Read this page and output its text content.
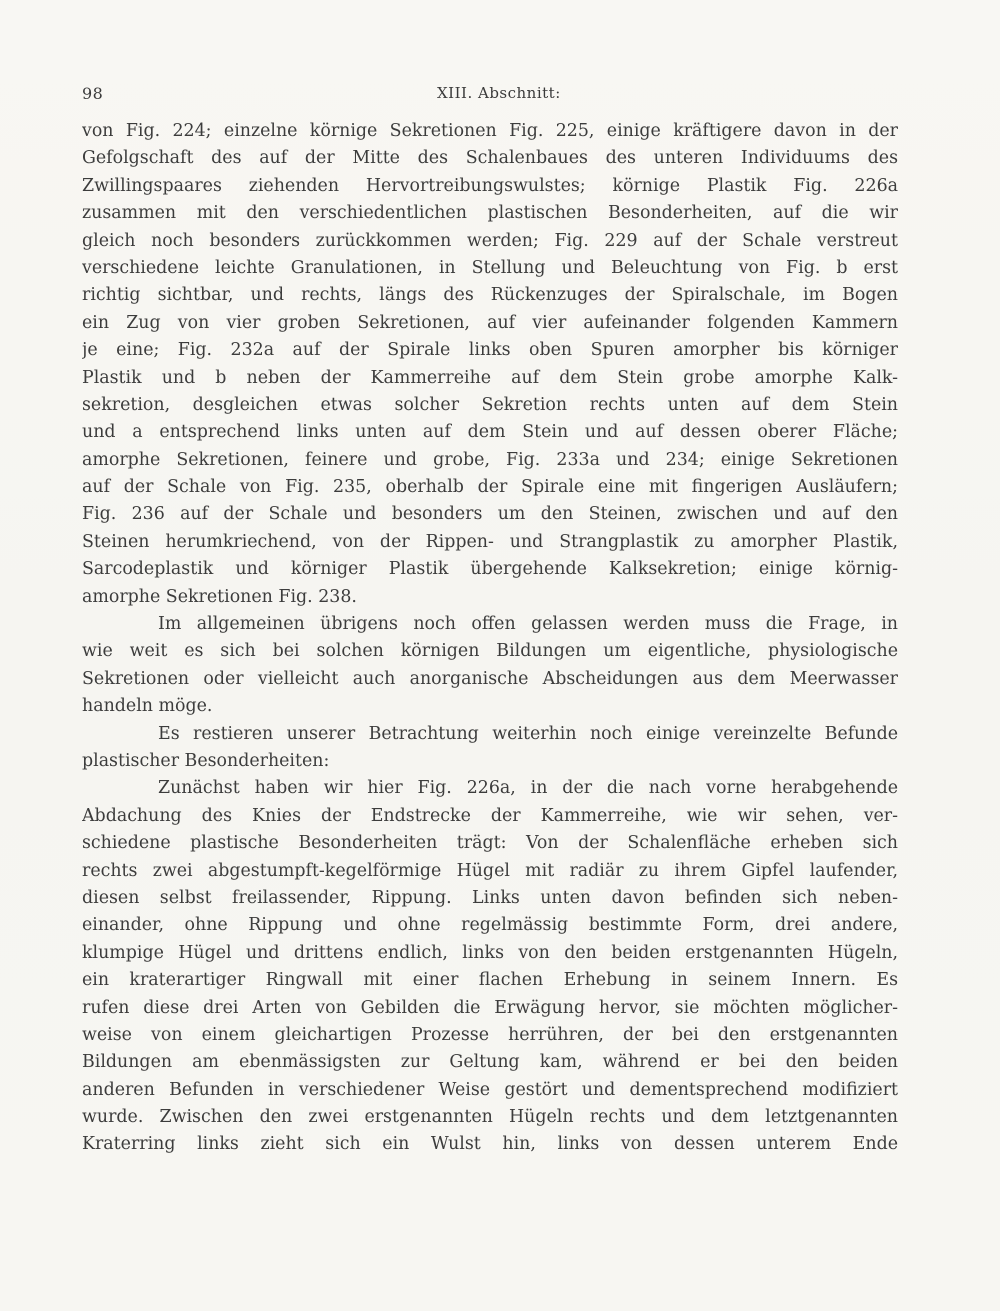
98	XIII. Abschnitt:
von Fig. 224; einzelne körnige Sekretionen Fig. 225, einige kräftigere davon in der
Gefolgschaft des auf der Mitte des Schalenbaues des unteren Individuums des
Zwillingspaares ziehenden Hervortreibungswulstes; körnige Plastik Fig. 226a
zusammen mit den verschiedentlichen plastischen Besonderheiten, auf die wir
gleich noch besonders zurückkommen werden; Fig. 229 auf der Schale verstreut
verschiedene leichte Granulationen, in Stellung und Beleuchtung von Fig. b erst
richtig sichtbar, und rechts, längs des Rückenzuges der Spiralschale, im Bogen
ein Zug von vier groben Sekretionen, auf vier aufeinander folgenden Kammern
je eine; Fig. 232a auf der Spirale links oben Spuren amorpher bis körniger
Plastik und b neben der Kammerreihe auf dem Stein grobe amorphe Kalk-
sekretion, desgleichen etwas solcher Sekretion rechts unten auf dem Stein
und a entsprechend links unten auf dem Stein und auf dessen oberer Fläche;
amorphe Sekretionen, feinere und grobe, Fig. 233a und 234; einige Sekretionen
auf der Schale von Fig. 235, oberhalb der Spirale eine mit fingerigen Ausläufern;
Fig. 236 auf der Schale und besonders um den Steinen, zwischen und auf den
Steinen herumkriechend, von der Rippen- und Strangplastik zu amorpher Plastik,
Sarcodeplastik und körniger Plastik übergehende Kalksekretion; einige körnig-
amorphe Sekretionen Fig. 238.
Im allgemeinen übrigens noch offen gelassen werden muss die Frage, in
wie weit es sich bei solchen körnigen Bildungen um eigentliche, physiologische
Sekretionen oder vielleicht auch anorganische Abscheidungen aus dem Meerwasser
handeln möge.
Es restieren unserer Betrachtung weiterhin noch einige vereinzelte Befunde
plastischer Besonderheiten:
Zunächst haben wir hier Fig. 226a, in der die nach vorne herabgehende
Abdachung des Knies der Endstrecke der Kammerreihe, wie wir sehen, ver-
schiedene plastische Besonderheiten trägt: Von der Schalenfläche erheben sich
rechts zwei abgestumpft-kegelförmige Hügel mit radiär zu ihrem Gipfel laufender,
diesen selbst freilassender, Rippung. Links unten davon befinden sich neben-
einander, ohne Rippung und ohne regelmässig bestimmte Form, drei andere,
klumpige Hügel und drittens endlich, links von den beiden erstgenannten Hügeln,
ein kraterartiger Ringwall mit einer flachen Erhebung in seinem Innern. Es
rufen diese drei Arten von Gebilden die Erwägung hervor, sie möchten möglicher-
weise von einem gleichartigen Prozesse herrühren, der bei den erstgenannten
Bildungen am ebenmässigsten zur Geltung kam, während er bei den beiden
anderen Befunden in verschiedener Weise gestört und dementsprechend modifiziert
wurde. Zwischen den zwei erstgenannten Hügeln rechts und dem letztgenannten
Kraterring links zieht sich ein Wulst hin, links von dessen unterem Ende
